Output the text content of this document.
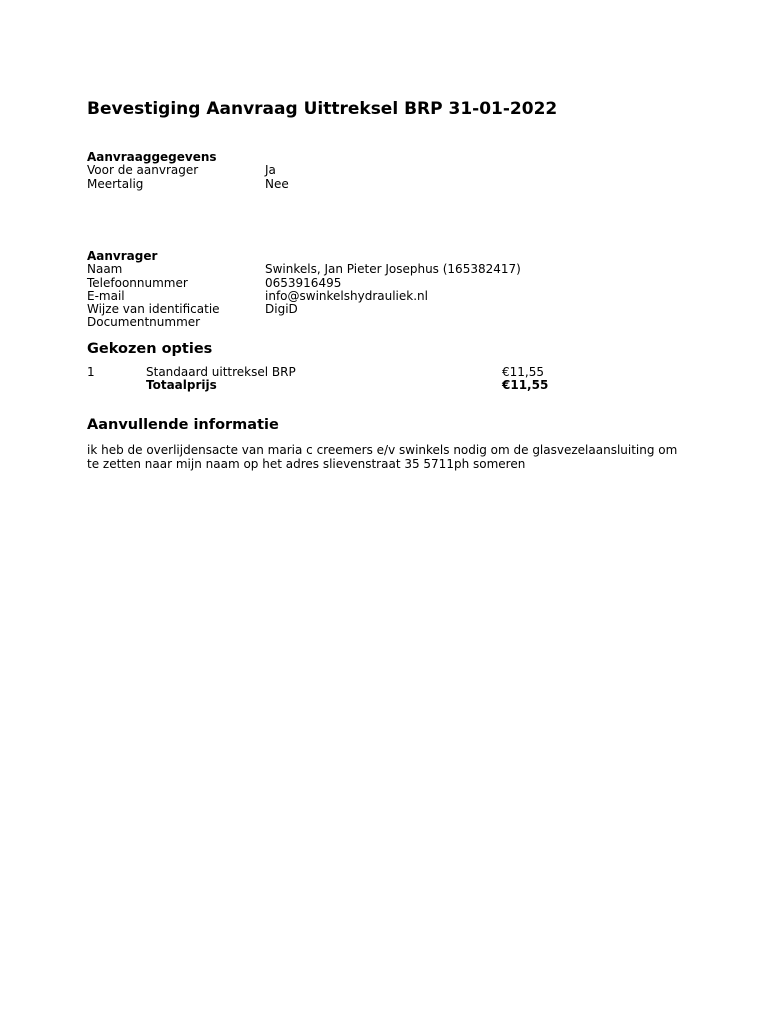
Bevestiging Aanvraag Uittreksel BRP 31-01-2022
Aanvraaggegevens
Voor de aanvrager	Ja
Meertalig	Nee
Aanvrager
Naam	Swinkels, Jan Pieter Josephus (165382417)
Telefoonnummer	0653916495
E-mail	info@swinkelshydrauliek.nl
Wijze van identificatie	DigiD
Documentnummer
Gekozen opties
1	Standaard uittreksel BRP	€11,55
Totaalprijs	€11,55
Aanvullende informatie

ik heb de overlijdensacte van maria c creemers e/v swinkels nodig om de glasvezelaansluiting om te zetten naar mijn naam op het adres slievenstraat 35 5711ph someren
